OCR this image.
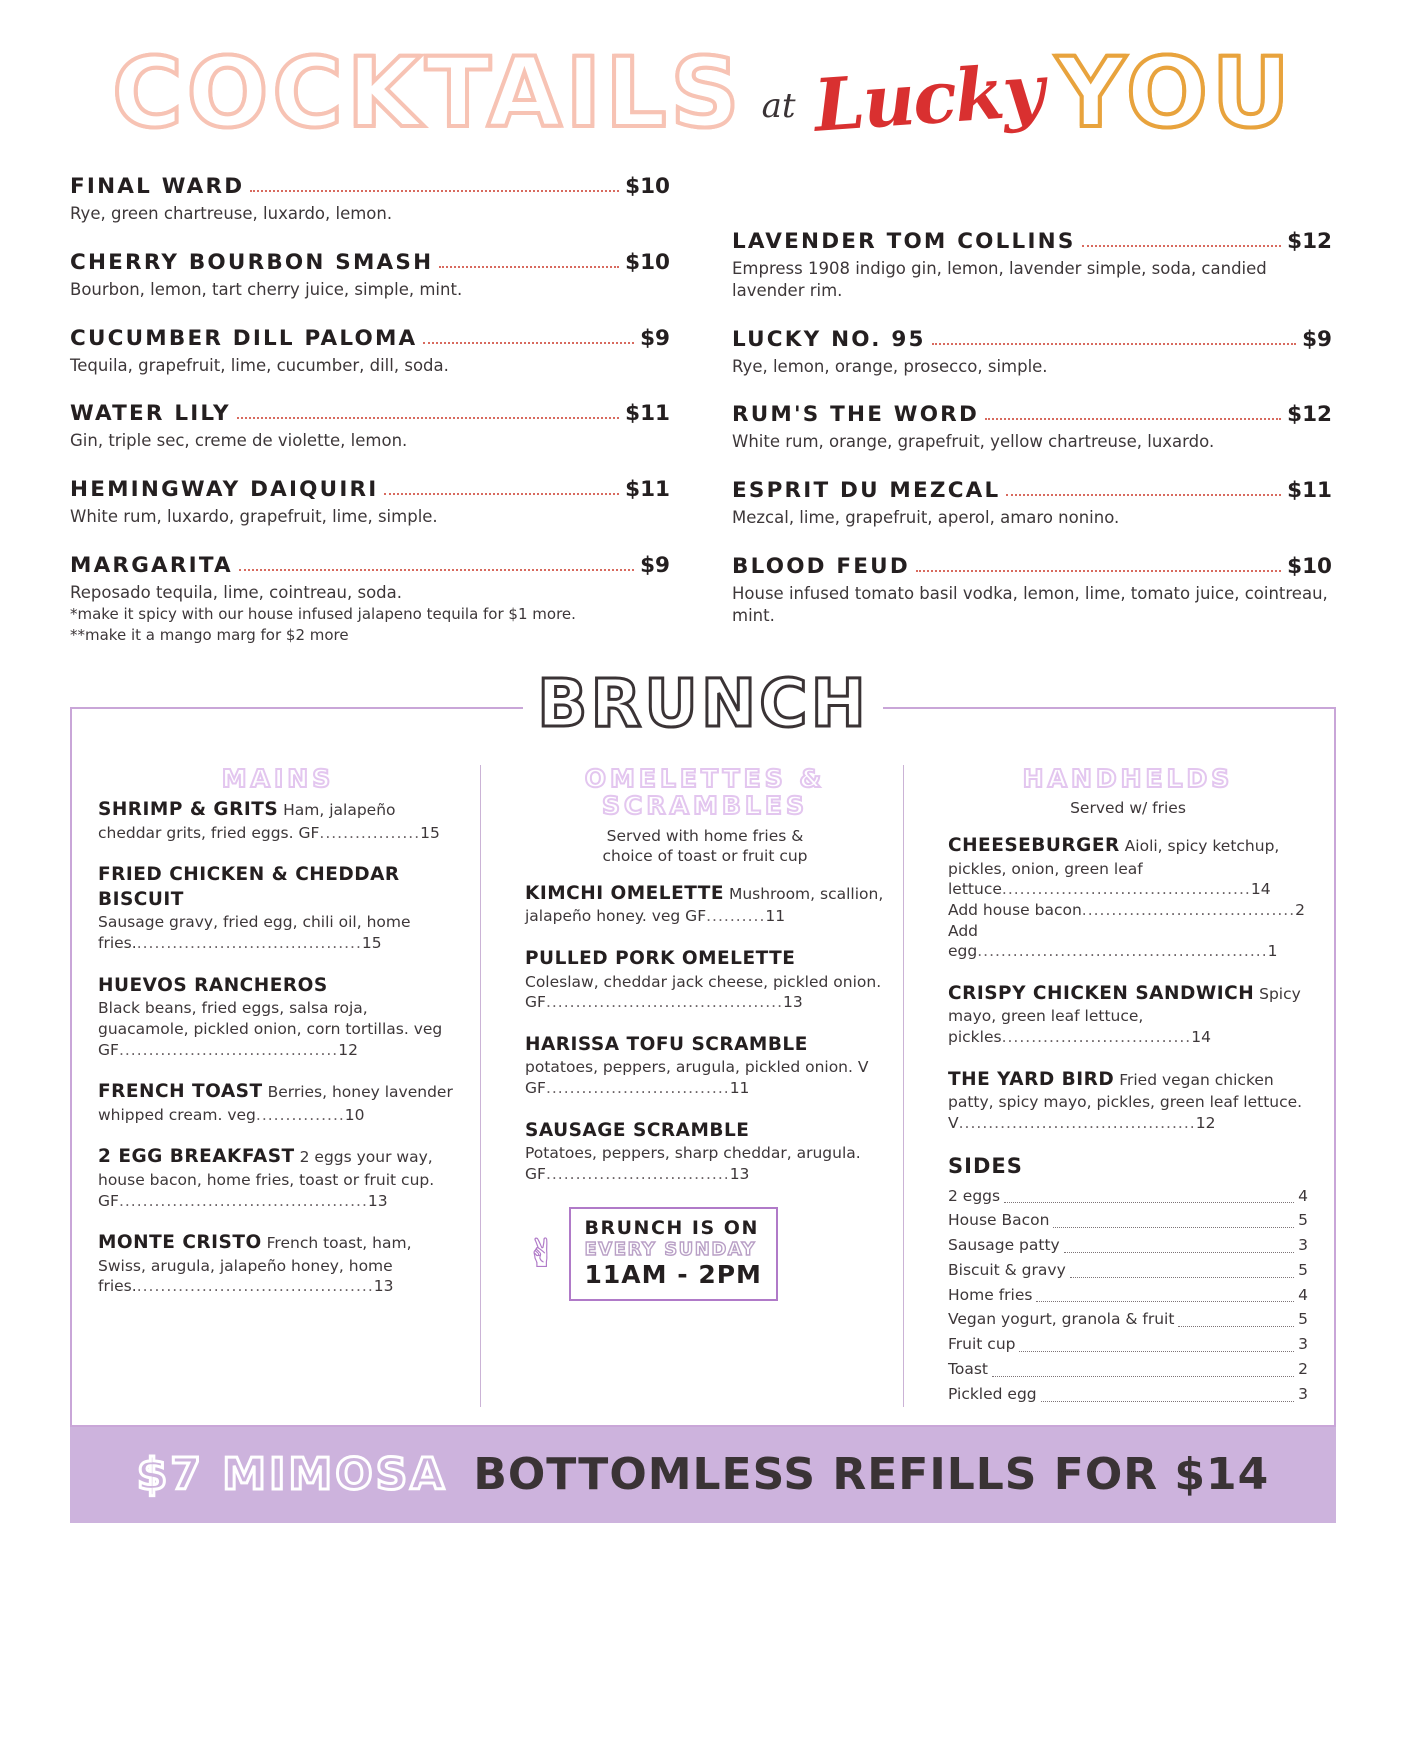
COCKTAILS at Lucky YOU
FINAL WARD	$10
Rye, green chartreuse, luxardo, lemon.
CHERRY BOURBON SMASH	$10
Bourbon, lemon, tart cherry juice, simple, mint.
CUCUMBER DILL PALOMA	$9
Tequila, grapefruit, lime, cucumber, dill, soda.
WATER LILY	$11
Gin, triple sec, creme de violette, lemon.
HEMINGWAY DAIQUIRI	$11
White rum, luxardo, grapefruit, lime, simple.
MARGARITA	$9
Reposado tequila, lime, cointreau, soda.
*make it spicy with our house infused jalapeno tequila for $1 more.
**make it a mango marg for $2 more
LAVENDER TOM COLLINS	$12
Empress 1908 indigo gin, lemon, lavender simple, soda, candied lavender rim.
LUCKY NO. 95	$9
Rye, lemon, orange, prosecco, simple.
RUM'S THE WORD	$12
White rum, orange, grapefruit, yellow chartreuse, luxardo.
ESPRIT DU MEZCAL	$11
Mezcal, lime, grapefruit, aperol, amaro nonino.
BLOOD FEUD	$10
House infused tomato basil vodka, lemon, lime, tomato juice, cointreau, mint.
BRUNCH
MAINS
SHRIMP & GRITS Ham, jalapeño cheddar grits, fried eggs. GF.................15
FRIED CHICKEN & CHEDDAR BISCUIT
Sausage gravy, fried egg, chili oil, home fries.......................................15
HUEVOS RANCHEROS
Black beans, fried eggs, salsa roja, guacamole, pickled onion, corn tortillas. veg GF.....................................12
FRENCH TOAST Berries, honey lavender whipped cream. veg...............10
2 EGG BREAKFAST 2 eggs your way, house bacon, home fries, toast or fruit cup. GF..........................................13
MONTE CRISTO French toast, ham, Swiss, arugula, jalapeño honey, home fries.........................................13
OMELETTES &
SCRAMBLES
Served with home fries &
choice of toast or fruit cup
KIMCHI OMELETTE Mushroom, scallion, jalapeño honey. veg GF..........11
PULLED PORK OMELETTE
Coleslaw, cheddar jack cheese, pickled onion. GF........................................13
HARISSA TOFU SCRAMBLE
potatoes, peppers, arugula, pickled onion. V GF...............................11
SAUSAGE SCRAMBLE
Potatoes, peppers, sharp cheddar, arugula. GF...............................13
✌
BRUNCH IS ON
EVERY SUNDAY
11AM - 2PM
HANDHELDS
Served w/ fries
CHEESEBURGER Aioli, spicy ketchup, pickles, onion, green leaf lettuce..........................................14
Add house bacon....................................2
Add egg.................................................1
CRISPY CHICKEN SANDWICH Spicy mayo, green leaf lettuce, pickles................................14
THE YARD BIRD Fried vegan chicken patty, spicy mayo, pickles, green leaf lettuce. V........................................12
SIDES
2 eggs	4
House Bacon	5
Sausage patty	3
Biscuit & gravy	5
Home fries	4
Vegan yogurt, granola & fruit	5
Fruit cup	3
Toast	2
Pickled egg	3
$7 MIMOSA BOTTOMLESS REFILLS FOR $14
